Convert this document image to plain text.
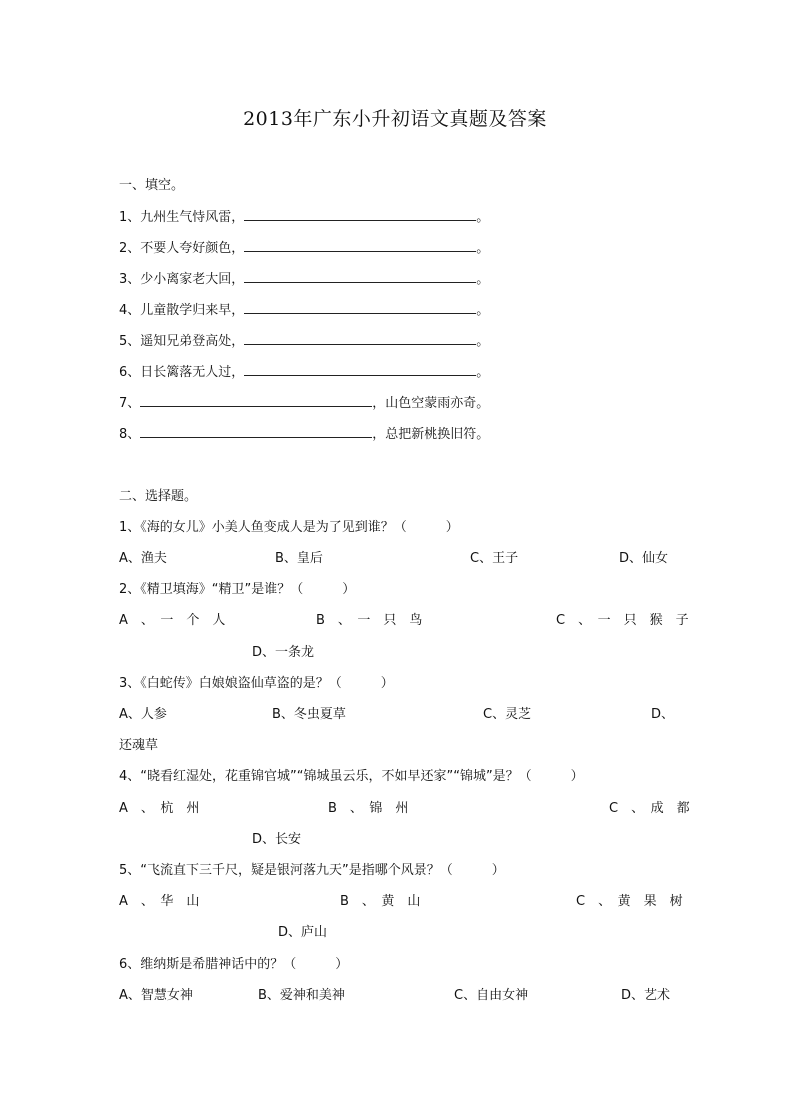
2013年广东小升初语文真题及答案
一、填空。
1、九州生气恃风雷，	。
2、不要人夸好颜色，	。
3、少小离家老大回，	。
4、儿童散学归来早，	。
5、遥知兄弟登高处，	。
6、日长篱落无人过，	。
7、	，山色空蒙雨亦奇。
8、	，总把新桃换旧符。
二、选择题。
1、《海的女儿》小美人鱼变成人是为了见到谁？（　　　）
A、渔夫	B、皇后	C、王子	D、仙女
2、《精卫填海》“精卫”是谁？（　　　）
A　、　一　个　人	B　、　一　只　鸟	C　、　一　只　猴　子
D、一条龙
3、《白蛇传》白娘娘盗仙草盗的是？（　　　）
A、人参	B、冬虫夏草	C、灵芝	D、
还魂草
4、“晓看红湿处，花重锦官城”“锦城虽云乐，不如早还家”“锦城”是？（　　　）
A　、　杭　州	B　、　锦　州	C　、　成　都
D、长安
5、“飞流直下三千尺，疑是银河落九天”是指哪个风景？（　　　）
A　、　华　山	B　、　黄　山	C　、　黄　果　树
D、庐山
6、维纳斯是希腊神话中的？（　　　）
A、智慧女神	B、爱神和美神	C、自由女神	D、艺术
